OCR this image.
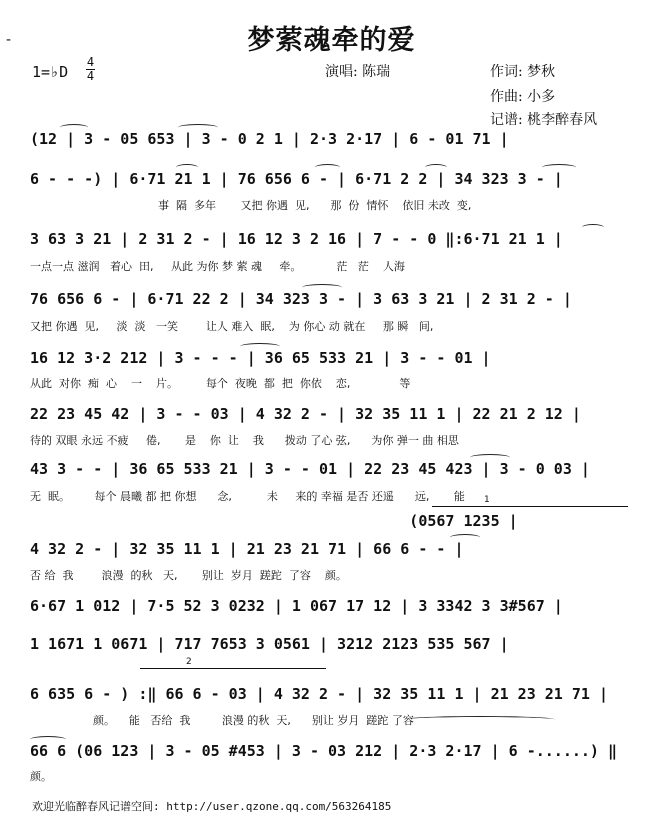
-	梦萦魂牵的爱
1=♭D
4
4	演唱: 陈瑞	作词: 梦秋
作曲: 小多
记谱: 桃李醉春风
(12 | 3 - 05 653 | 3 - 0 2 1 | 2·3 2·17 | 6 - 01 71 |
6 - - -) | 6·71 21 1 | 76 656 6 - | 6·71 2 2 | 34 323 3 - |
事  隔  多年       又把 你遇  见,      那  份  情怀    依旧 未改  变,
3 63 3 21 | 2 31 2 - | 16 12 3 2 16 | 7 - - 0 ‖:6·71 21 1 |
一点一点 滋润   着心  田,     从此 为你 梦 萦 魂     牵。          茫   茫    人海
76 656 6 - | 6·71 22 2 | 34 323 3 - | 3 63 3 21 | 2 31 2 - |
又把 你遇  见,     淡  淡   一笑        让人 难入  眠,    为 你心 动 就在     那 瞬   间,
16 12 3·2 212 | 3 - - - | 36 65 533 21 | 3 - - 01 |
从此  对你  痴  心    一    片。        每个  夜晚  都  把  你依    恋,              等
22 23 45 42 | 3 - - 03 | 4 32 2 - | 32 35 11 1 | 22 21 2 12 |
待的 双眼 永远 不疲     倦,       是    你  让    我      拨动 了心 弦,      为你 弹一 曲 相思
43 3 - - | 36 65 533 21 | 3 - - 01 | 22 23 45 423 | 3 - 0 03 |
无  眠。       每个 晨曦 都 把 你想      念,          未     来的 幸福 是否 还遥      远,       能 1
(0567 1235 |
4 32 2 - | 32 35 11 1 | 21 23 21 71 | 66 6 - - |
否 给  我        浪漫  的秋   天,       别让  岁月  蹉跎  了容    颜。
6·67 1 012 | 7·5 52 3 0232 | 1 067 17 12 | 3 3342 3 3#567 |
1 1671 1 0671 | 717 7653 3 0561 | 3212 2123 535 567 |
2
6 635 6 - ) :‖ 66 6 - 03 | 4 32 2 - | 32 35 11 1 | 21 23 21 71 |
颜。    能   否给  我         浪漫 的秋  天,      别让 岁月  蹉跎 了容
66 6 (06 123 | 3 - 05 #453 | 3 - 03 212 | 2·3 2·17 | 6 -......) ‖
颜。
欢迎光临醉春风记谱空间: http://user.qzone.qq.com/563264185
